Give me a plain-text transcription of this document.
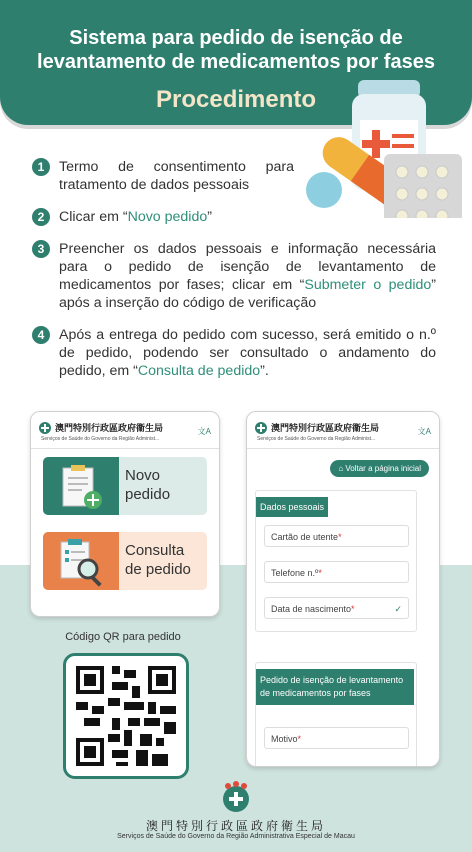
Sistema para pedido de isenção de
levantamento de medicamentos por fases
Procedimento
1	Termo de consentimento para tratamento de dados pessoais
2	Clicar em “Novo pedido”
3	Preencher os dados pessoais e informação necessária para o pedido de isenção de levantamento de medicamentos por fases; clicar em “Submeter o pedido” após a inserção do código de verificação
4	Após a entrega do pedido com sucesso, será emitido o n.º de pedido, podendo ser consultado o andamento do pedido, em “Consulta de pedido”.
澳門特別行政區政府衞生局
Serviços de Saúde do Governo da Região Administ...
文A
Novo
pedido
Consulta
de pedido
澳門特別行政區政府衞生局
Serviços de Saúde do Governo da Região Administ...
文A
⌂ Voltar a página inicial
Dados pessoais
Cartão de utente*
Telefone n.º*
Data de nascimento*	✓
Pedido de isenção de levantamento de medicamentos por fases
Motivo*
Código QR para pedido
澳門特別行政區政府衛生局
Serviços de Saúde do Governo da Região Administrativa Especial de Macau
